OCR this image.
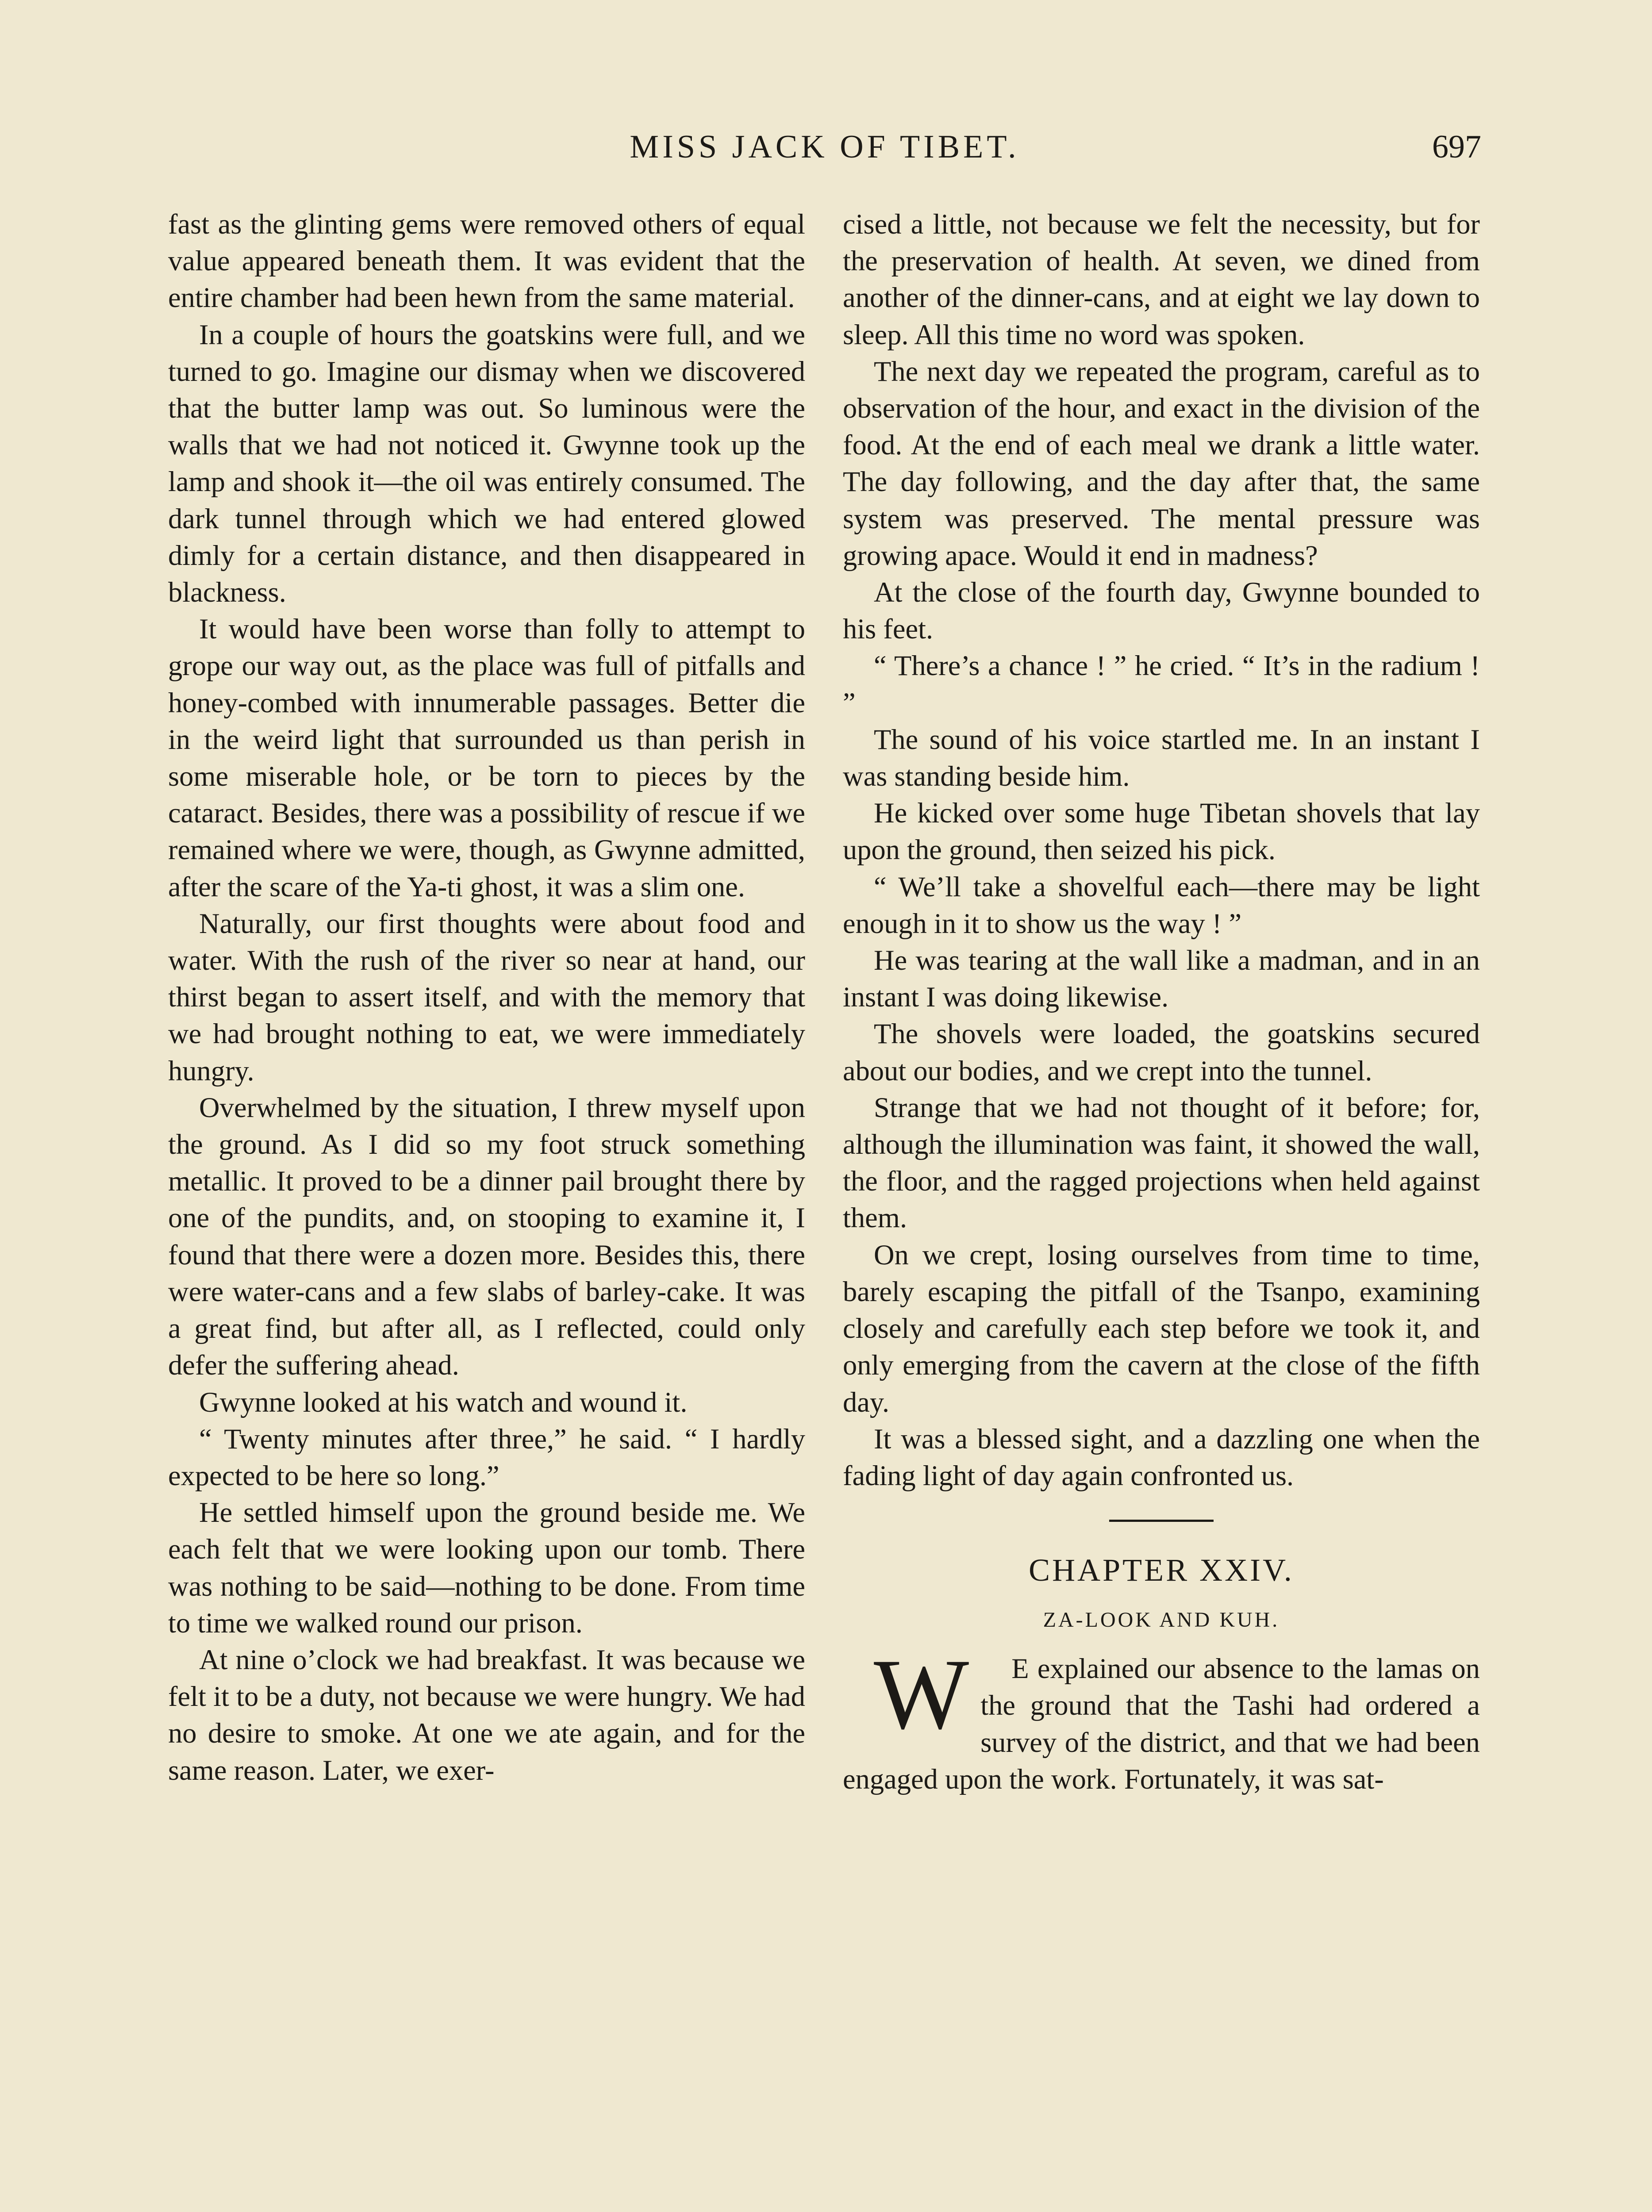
MISS JACK OF TIBET.	697

fast as the glinting gems were removed others of equal value appeared beneath them. It was evident that the entire chamber had been hewn from the same material.

In a couple of hours the goatskins were full, and we turned to go. Imagine our dismay when we discovered that the butter lamp was out. So luminous were the walls that we had not noticed it. Gwynne took up the lamp and shook it—the oil was entirely consumed. The dark tunnel through which we had entered glowed dimly for a certain distance, and then disappeared in blackness.

It would have been worse than folly to attempt to grope our way out, as the place was full of pitfalls and honey-combed with innumerable passages. Better die in the weird light that surrounded us than perish in some miserable hole, or be torn to pieces by the cataract. Besides, there was a possibility of rescue if we remained where we were, though, as Gwynne admitted, after the scare of the Ya-ti ghost, it was a slim one.

Naturally, our first thoughts were about food and water. With the rush of the river so near at hand, our thirst began to assert itself, and with the memory that we had brought nothing to eat, we were immediately hungry.

Overwhelmed by the situation, I threw myself upon the ground. As I did so my foot struck something metallic. It proved to be a dinner pail brought there by one of the pundits, and, on stooping to examine it, I found that there were a dozen more. Besides this, there were water-cans and a few slabs of barley-cake. It was a great find, but after all, as I reflected, could only defer the suffering ahead.

Gwynne looked at his watch and wound it.

“ Twenty minutes after three,” he said. “ I hardly expected to be here so long.”

He settled himself upon the ground beside me. We each felt that we were looking upon our tomb. There was nothing to be said—nothing to be done. From time to time we walked round our prison.

At nine o’clock we had breakfast. It was because we felt it to be a duty, not because we were hungry. We had no desire to smoke. At one we ate again, and for the same reason. Later, we exer-

cised a little, not because we felt the necessity, but for the preservation of health. At seven, we dined from another of the dinner-cans, and at eight we lay down to sleep. All this time no word was spoken.

The next day we repeated the program, careful as to observation of the hour, and exact in the division of the food. At the end of each meal we drank a little water. The day following, and the day after that, the same system was preserved. The mental pressure was growing apace. Would it end in madness?

At the close of the fourth day, Gwynne bounded to his feet.

“ There’s a chance ! ” he cried. “ It’s in the radium ! ”

The sound of his voice startled me. In an instant I was standing beside him.

He kicked over some huge Tibetan shovels that lay upon the ground, then seized his pick.

“ We’ll take a shovelful each—there may be light enough in it to show us the way ! ”

He was tearing at the wall like a madman, and in an instant I was doing likewise.

The shovels were loaded, the goatskins secured about our bodies, and we crept into the tunnel.

Strange that we had not thought of it before; for, although the illumination was faint, it showed the wall, the floor, and the ragged projections when held against them.

On we crept, losing ourselves from time to time, barely escaping the pitfall of the Tsanpo, examining closely and carefully each step before we took it, and only emerging from the cavern at the close of the fifth day.

It was a blessed sight, and a dazzling one when the fading light of day again confronted us.

CHAPTER XXIV.
ZA-LOOK AND KUH.

W E explained our absence to the lamas on the ground that the Tashi had ordered a survey of the district, and that we had been engaged upon the work. Fortunately, it was sat-
